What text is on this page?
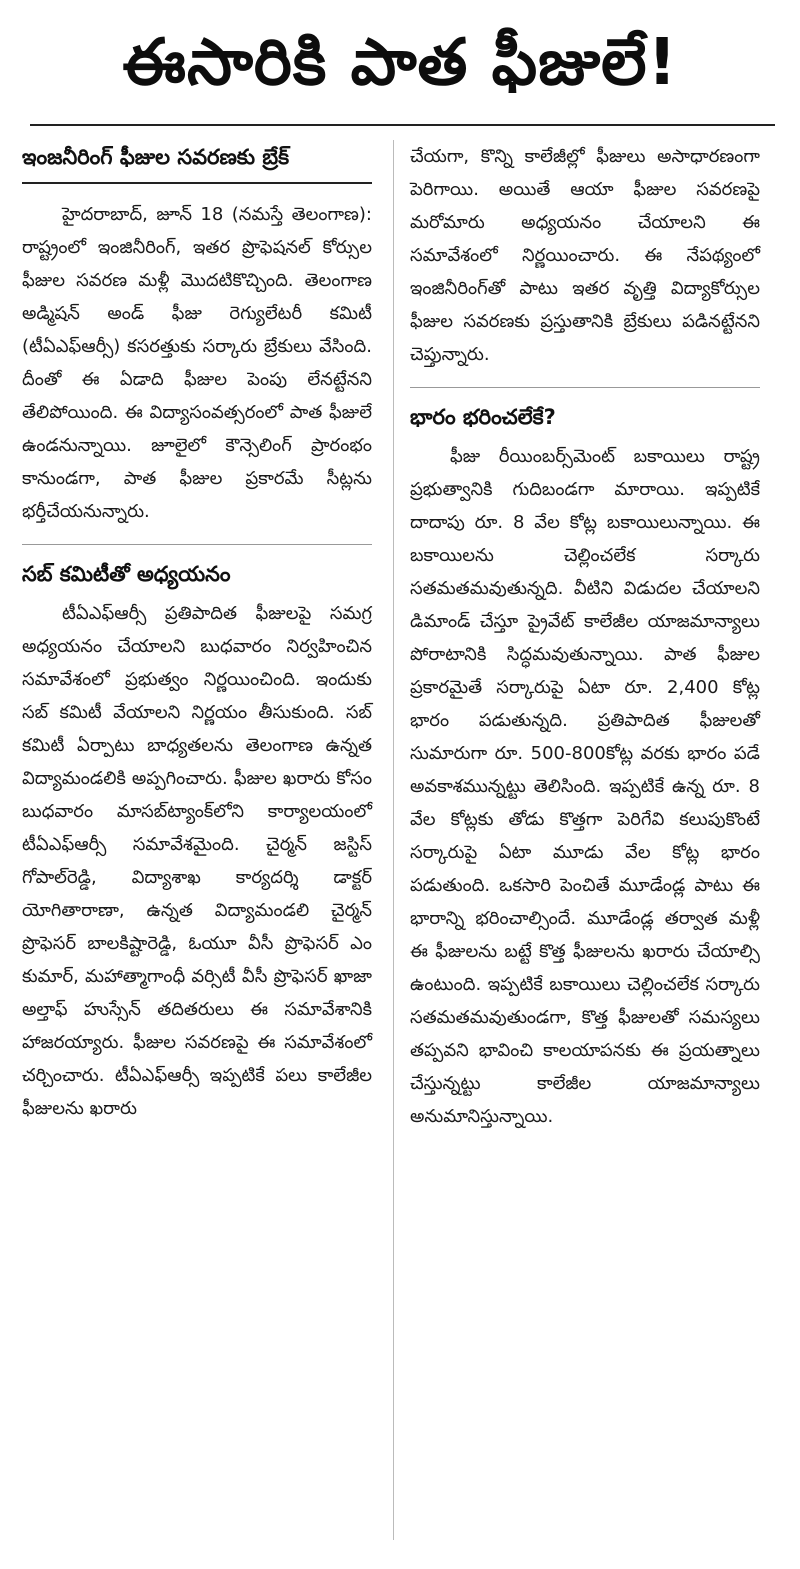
ఈసారికి పాత ఫీజులే!
ఇంజనీరింగ్ ఫీజుల సవరణకు బ్రేక్

హైదరాబాద్, జూన్ 18 (నమస్తే తెలంగాణ): రాష్ట్రంలో ఇంజినీరింగ్, ఇతర ప్రొఫెషనల్ కోర్సుల ఫీజుల సవరణ మళ్లీ మొదటికొచ్చింది. తెలంగాణ అడ్మిషన్ అండ్ ఫీజు రెగ్యులేటరీ కమిటీ (టీఏఎఫ్ఆర్సీ) కసరత్తుకు సర్కారు బ్రేకులు వేసింది. దీంతో ఈ ఏడాది ఫీజుల పెంపు లేనట్టేనని తేలిపోయింది. ఈ విద్యాసంవత్సరంలో పాత ఫీజులే ఉండనున్నాయి. జూలైలో కౌన్సెలింగ్ ప్రారంభం కానుండగా, పాత ఫీజుల ప్రకారమే సీట్లను భర్తీచేయనున్నారు.

సబ్ కమిటీతో అధ్యయనం

టీఏఎఫ్ఆర్సీ ప్రతిపాదిత ఫీజులపై సమగ్ర అధ్యయనం చేయాలని బుధవారం నిర్వహించిన సమావేశంలో ప్రభుత్వం నిర్ణయించింది. ఇందుకు సబ్ కమిటీ వేయాలని నిర్ణయం తీసుకుంది. సబ్ కమిటీ ఏర్పాటు బాధ్యతలను తెలంగాణ ఉన్నత విద్యామండలికి అప్పగించారు. ఫీజుల ఖరారు కోసం బుధవారం మాసబ్‌ట్యాంక్‌లోని కార్యాలయంలో టీఏఎఫ్ఆర్సీ సమావేశమైంది. చైర్మన్ జస్టిస్ గోపాల్‌రెడ్డి, విద్యాశాఖ కార్యదర్శి డాక్టర్ యోగితారాణా, ఉన్నత విద్యామండలి చైర్మన్ ప్రొఫెసర్ బాలకిష్టారెడ్డి, ఓయూ వీసీ ప్రొఫెసర్ ఎం కుమార్, మహాత్మాగాంధీ వర్సిటీ వీసీ ప్రొఫెసర్ ఖాజా అల్తాఫ్ హుస్సేన్ తదితరులు ఈ సమావేశానికి హాజరయ్యారు. ఫీజుల సవరణపై ఈ సమావేశంలో చర్చించారు. టీఏఎఫ్ఆర్సీ ఇప్పటికే పలు కాలేజీల ఫీజులను ఖరారు

చేయగా, కొన్ని కాలేజీల్లో ఫీజులు అసాధారణంగా పెరిగాయి. అయితే ఆయా ఫీజుల సవరణపై మరోమారు అధ్యయనం చేయాలని ఈ సమావేశంలో నిర్ణయించారు. ఈ నేపథ్యంలో ఇంజినీరింగ్‌తో పాటు ఇతర వృత్తి విద్యాకోర్సుల ఫీజుల సవరణకు ప్రస్తుతానికి బ్రేకులు పడినట్టేనని చెప్తున్నారు.

భారం భరించలేకే?

ఫీజు రీయింబర్స్‌మెంట్ బకాయిలు రాష్ట్ర ప్రభుత్వానికి గుదిబండగా మారాయి. ఇప్పటికే దాదాపు రూ. 8 వేల కోట్ల బకాయిలున్నాయి. ఈ బకాయిలను చెల్లించలేక సర్కారు సతమతమవుతున్నది. వీటిని విడుదల చేయాలని డిమాండ్ చేస్తూ ప్రైవేట్ కాలేజీల యాజమాన్యాలు పోరాటానికి సిద్ధమవుతున్నాయి. పాత ఫీజుల ప్రకారమైతే సర్కారుపై ఏటా రూ. 2,400 కోట్ల భారం పడుతున్నది. ప్రతిపాదిత ఫీజులతో సుమారుగా రూ. 500-800కోట్ల వరకు భారం పడే అవకాశమున్నట్టు తెలిసింది. ఇప్పటికే ఉన్న రూ. 8 వేల కోట్లకు తోడు కొత్తగా పెరిగేవి కలుపుకొంటే సర్కారుపై ఏటా మూడు వేల కోట్ల భారం పడుతుంది. ఒకసారి పెంచితే మూడేండ్ల పాటు ఈ భారాన్ని భరించాల్సిందే. మూడేండ్ల తర్వాత మళ్లీ ఈ ఫీజులను బట్టే కొత్త ఫీజులను ఖరారు చేయాల్సి ఉంటుంది. ఇప్పటికే బకాయిలు చెల్లించలేక సర్కారు సతమతమవుతుండగా, కొత్త ఫీజులతో సమస్యలు తప్పవని భావించి కాలయాపనకు ఈ ప్రయత్నాలు చేస్తున్నట్టు కాలేజీల యాజమాన్యాలు అనుమానిస్తున్నాయి.
